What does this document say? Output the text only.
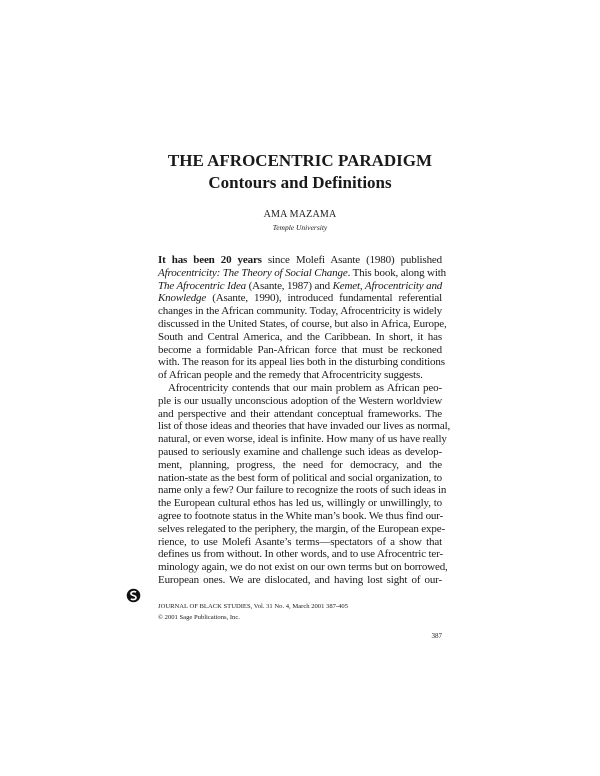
THE AFROCENTRIC PARADIGM
Contours and Definitions
AMA MAZAMA
Temple University
It has been 20 years since Molefi Asante (1980) published
Afrocentricity: The Theory of Social Change. This book, along with
The Afrocentric Idea (Asante, 1987) and Kemet, Afrocentricity and
Knowledge (Asante, 1990), introduced fundamental referential
changes in the African community. Today, Afrocentricity is widely
discussed in the United States, of course, but also in Africa, Europe,
South and Central America, and the Caribbean. In short, it has
become a formidable Pan-African force that must be reckoned
with. The reason for its appeal lies both in the disturbing conditions
of African people and the remedy that Afrocentricity suggests.
Afrocentricity contends that our main problem as African peo-
ple is our usually unconscious adoption of the Western worldview
and perspective and their attendant conceptual frameworks. The
list of those ideas and theories that have invaded our lives as normal,
natural, or even worse, ideal is infinite. How many of us have really
paused to seriously examine and challenge such ideas as develop-
ment, planning, progress, the need for democracy, and the
nation-state as the best form of political and social organization, to
name only a few? Our failure to recognize the roots of such ideas in
the European cultural ethos has led us, willingly or unwillingly, to
agree to footnote status in the White man’s book. We thus find our-
selves relegated to the periphery, the margin, of the European expe-
rience, to use Molefi Asante’s terms—spectators of a show that
defines us from without. In other words, and to use Afrocentric ter-
minology again, we do not exist on our own terms but on borrowed,
European ones. We are dislocated, and having lost sight of our-
JOURNAL OF BLACK STUDIES, Vol. 31 No. 4, March 2001 387-405
© 2001 Sage Publications, Inc.
387
